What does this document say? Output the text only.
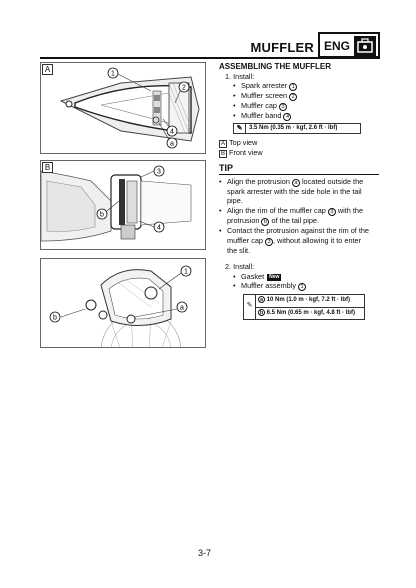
MUFFLER ENG
A	1
2
4
a
B	3
b
4
1
b
a
ASSEMBLING THE MUFFLER
1. Install:
• Spark arrester 1
• Muffler screen 2
• Muffler cap 3
• Muffler band 4
✎	3.5 Nm (0.35 m · kgf, 2.6 ft · lbf)
A Top view
B Front view
TIP
• Align the protrusion a located outside the
spark arrester with the side hole in the tail
pipe.
• Align the rim of the muffler cap 3 with the
protrusion b of the tail pipe.
• Contact the protrusion against the rim of the
muffler cap 3 , without allowing it to enter
the slit.
2. Install:
• Gasket New
• Muffler assembly 1
✎
a 10 Nm (1.0 m · kgf, 7.2 ft · lbf)
b 6.5 Nm (0.65 m · kgf, 4.8 ft · lbf)
3-7
